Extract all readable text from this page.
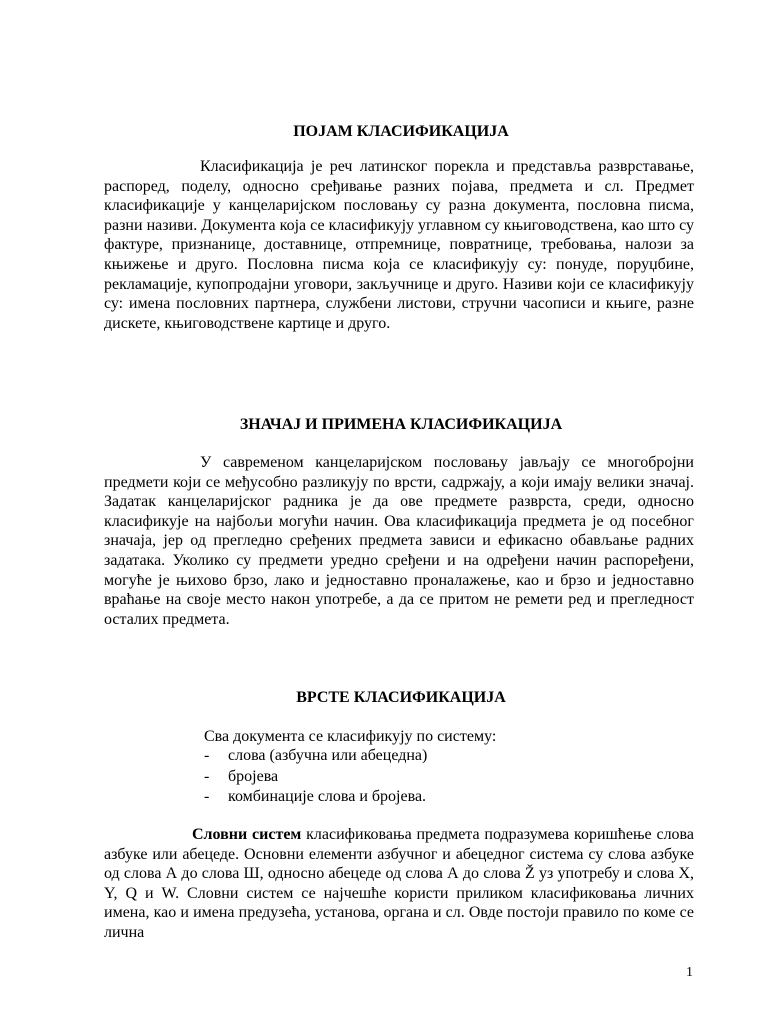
ПОЈАМ КЛАСИФИКАЦИЈА

Класификација је реч латинског порекла и представља разврставање, распоред, поделу, односно сређивање разних појава, предмета и сл. Предмет класификације у канцеларијском пословању су разна документа, пословна писма, разни називи. Документа која се класификују углавном су књиговодствена, као што су фактуре, признанице, доставнице, отпремнице, повратнице, требовања, налози за књижење и друго. Пословна писма која се класификују су: понуде, поруџбине, рекламације, купопродајни уговори, закључнице и друго. Називи који се класификују су: имена пословних партнера, службени листови, стручни часописи и књиге, разне дискете, књиговодствене картице и друго.

ЗНАЧАЈ И ПРИМЕНА КЛАСИФИКАЦИЈА

У савременом канцеларијском пословању јављају се многобројни предмети који се међусобно разликују по врсти, садржају, а који имају велики значај. Задатак канцеларијског радника је да ове предмете разврста, среди, односно класификује на најбољи могући начин. Ова класификација предмета је од посебног значаја, јер од прегледно сређених предмета зависи и ефикасно обављање радних задатака. Уколико су предмети уредно сређени и на одређени начин распоређени, могуће је њихово брзо, лако и једноставно проналажење, као и брзо и једноставно враћање на своје место након употребе, а да се притом не ремети ред и прегледност осталих предмета.

ВРСТЕ КЛАСИФИКАЦИЈА

Сва документа се класификују по систему:

-	слова (азбучна или абецедна)
-	бројева
-	комбинације слова и бројева.

Словни систем класификовања предмета подразумева коришћење слова азбуке или абецеде. Основни елементи азбучног и абецедног система су слова азбуке од слова А до слова Ш, односно абецеде од слова А до слова Ž уз употребу и слова X, Y, Q и W. Словни систем се најчешће користи приликом класификовања личних имена, као и имена предузећа, установа, органа и сл. Овде постоји правило по коме се лична

1
